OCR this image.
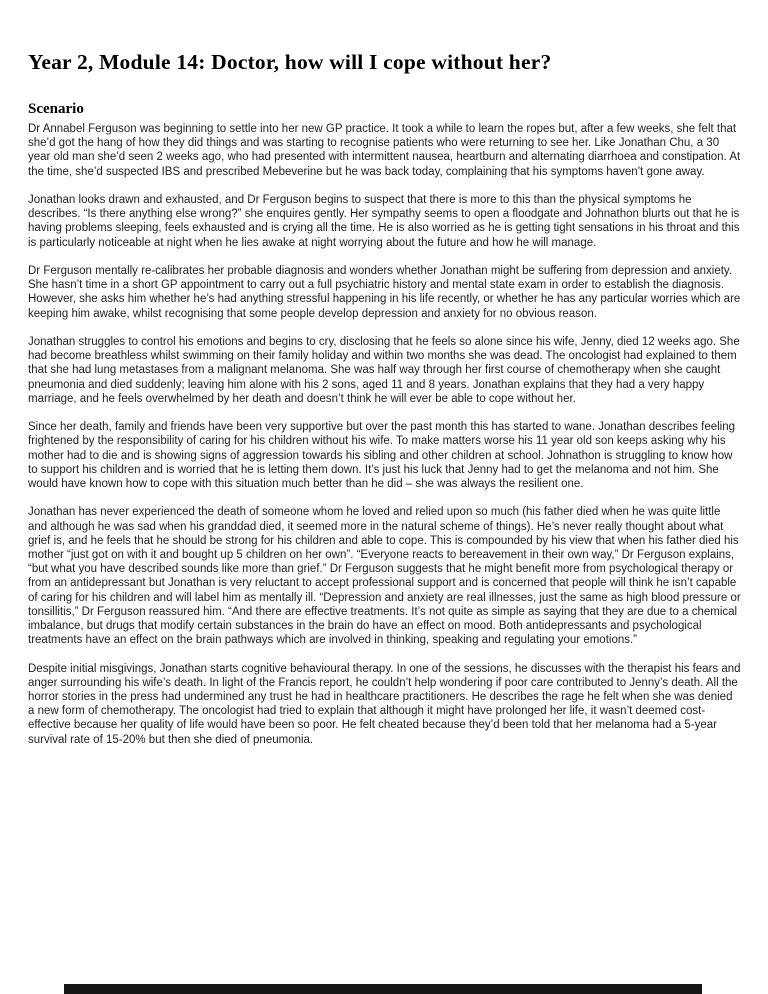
Year 2, Module 14: Doctor, how will I cope without her?
Scenario

Dr Annabel Ferguson was beginning to settle into her new GP practice. It took a while to learn the ropes but, after a few weeks, she felt that she’d got the hang of how they did things and was starting to recognise patients who were returning to see her. Like Jonathan Chu, a 30 year old man she’d seen 2 weeks ago, who had presented with intermittent nausea, heartburn and alternating diarrhoea and constipation. At the time, she’d suspected IBS and prescribed Mebeverine but he was back today, complaining that his symptoms haven’t gone away.

Jonathan looks drawn and exhausted, and Dr Ferguson begins to suspect that there is more to this than the physical symptoms he describes. “Is there anything else wrong?” she enquires gently. Her sympathy seems to open a floodgate and Johnathon blurts out that he is having problems sleeping, feels exhausted and is crying all the time. He is also worried as he is getting tight sensations in his throat and this is particularly noticeable at night when he lies awake at night worrying about the future and how he will manage.

Dr Ferguson mentally re-calibrates her probable diagnosis and wonders whether Jonathan might be suffering from depression and anxiety. She hasn’t time in a short GP appointment to carry out a full psychiatric history and mental state exam in order to establish the diagnosis. However, she asks him whether he’s had anything stressful happening in his life recently, or whether he has any particular worries which are keeping him awake, whilst recognising that some people develop depression and anxiety for no obvious reason.

Jonathan struggles to control his emotions and begins to cry, disclosing that he feels so alone since his wife, Jenny, died 12 weeks ago. She had become breathless whilst swimming on their family holiday and within two months she was dead. The oncologist had explained to them that she had lung metastases from a malignant melanoma. She was half way through her first course of chemotherapy when she caught pneumonia and died suddenly; leaving him alone with his 2 sons, aged 11 and 8 years. Jonathan explains that they had a very happy marriage, and he feels overwhelmed by her death and doesn’t think he will ever be able to cope without her.

Since her death, family and friends have been very supportive but over the past month this has started to wane. Jonathan describes feeling frightened by the responsibility of caring for his children without his wife. To make matters worse his 11 year old son keeps asking why his mother had to die and is showing signs of aggression towards his sibling and other children at school. Johnathon is struggling to know how to support his children and is worried that he is letting them down. It’s just his luck that Jenny had to get the melanoma and not him. She would have known how to cope with this situation much better than he did – she was always the resilient one.

Jonathan has never experienced the death of someone whom he loved and relied upon so much (his father died when he was quite little and although he was sad when his granddad died, it seemed more in the natural scheme of things). He’s never really thought about what grief is, and he feels that he should be strong for his children and able to cope. This is compounded by his view that when his father died his mother “just got on with it and bought up 5 children on her own”. “Everyone reacts to bereavement in their own way,” Dr Ferguson explains, “but what you have described sounds like more than grief.” Dr Ferguson suggests that he might benefit more from psychological therapy or from an antidepressant but Jonathan is very reluctant to accept professional support and is concerned that people will think he isn’t capable of caring for his children and will label him as mentally ill. “Depression and anxiety are real illnesses, just the same as high blood pressure or tonsillitis,” Dr Ferguson reassured him. “And there are effective treatments. It’s not quite as simple as saying that they are due to a chemical imbalance, but drugs that modify certain substances in the brain do have an effect on mood. Both antidepressants and psychological treatments have an effect on the brain pathways which are involved in thinking, speaking and regulating your emotions.”

Despite initial misgivings, Jonathan starts cognitive behavioural therapy. In one of the sessions, he discusses with the therapist his fears and anger surrounding his wife’s death. In light of the Francis report, he couldn’t help wondering if poor care contributed to Jenny’s death. All the horror stories in the press had undermined any trust he had in healthcare practitioners. He describes the rage he felt when she was denied a new form of chemotherapy. The oncologist had tried to explain that although it might have prolonged her life, it wasn’t deemed cost-effective because her quality of life would have been so poor. He felt cheated because they’d been told that her melanoma had a 5-year survival rate of 15-20% but then she died of pneumonia.
